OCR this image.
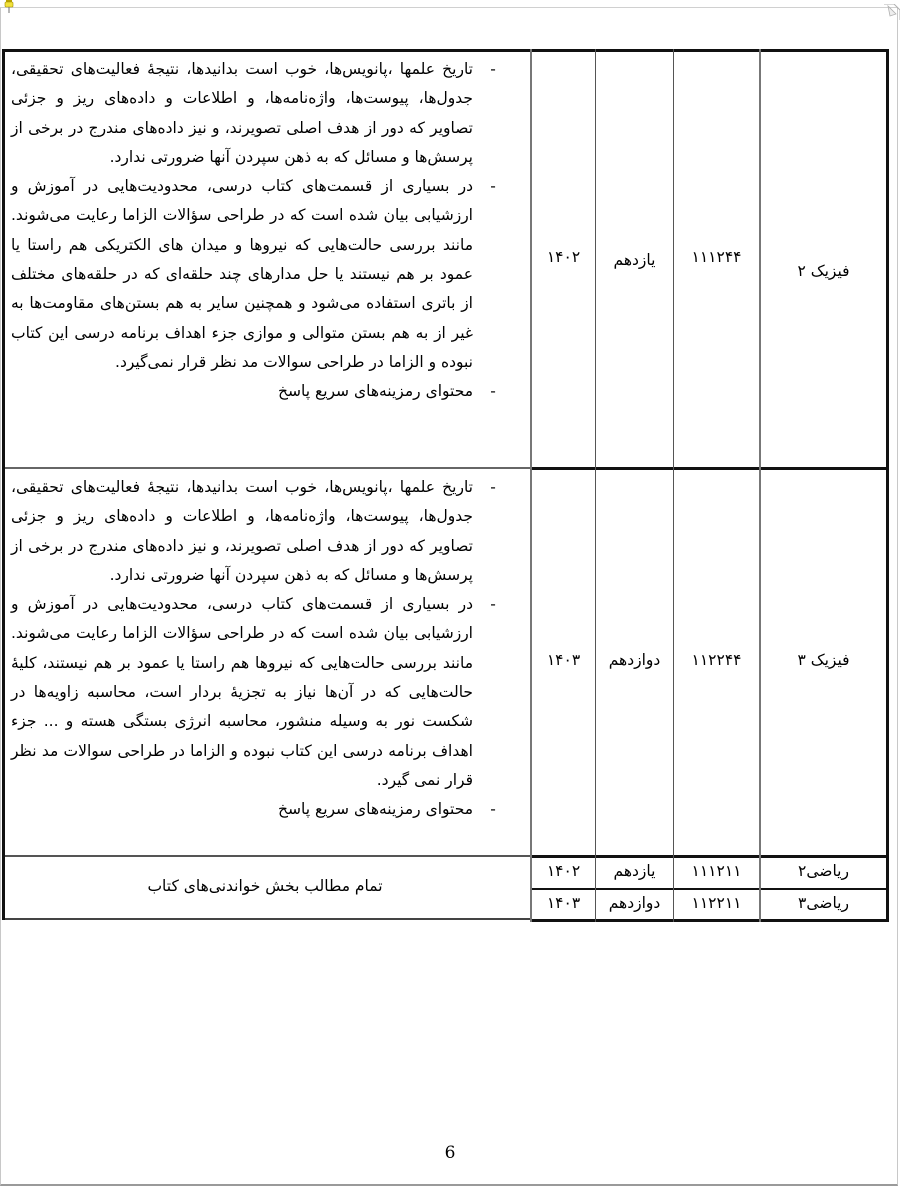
فیزیک ۲
۱۱۱۲۴۴
یازدهم
۱۴۰۲
-
تاریخ علمها ،پانویس‌ها، خوب است بدانیدها، نتیجهٔ فعالیت‌های تحقیقی، جدول‌ها، پیوست‌ها، واژه‌نامه‌ها، و اطلاعات و داده‌های ریز و جزئی تصاویر که دور از هدف اصلی تصویرند، و نیز داده‌های مندرج در برخی از پرسش‌ها و مسائل که به ذهن سپردن آنها ضرورتی ندارد.
-
در بسیاری از قسمت‌های کتاب درسی، محدودیت‌هایی در آموزش و ارزشیابی بیان شده است که در طراحی سؤالات الزاما رعایت می‌شوند. مانند بررسی حالت‌هایی که نیروها و میدان های الکتریکی هم راستا یا عمود بر هم نیستند یا حل مدارهای چند حلقه‌ای که در حلقه‌های مختلف از باتری استفاده می‌شود و همچنین سایر به هم بستن‌های مقاومت‌ها به غیر از به هم بستن متوالی و موازی جزء اهداف برنامه درسی این کتاب نبوده و الزاما در طراحی سوالات مد نظر قرار نمی‌گیرد.
-
محتوای رمزینه‌های سریع پاسخ
فیزیک ۳
۱۱۲۲۴۴
دوازدهم
۱۴۰۳
-
تاریخ علمها ،پانویس‌ها، خوب است بدانیدها، نتیجهٔ فعالیت‌های تحقیقی، جدول‌ها، پیوست‌ها، واژه‌نامه‌ها، و اطلاعات و داده‌های ریز و جزئی تصاویر که دور از هدف اصلی تصویرند، و نیز داده‌های مندرج در برخی از پرسش‌ها و مسائل که به ذهن سپردن آنها ضرورتی ندارد.
-
در بسیاری از قسمت‌های کتاب درسی، محدودیت‌هایی در آموزش و ارزشیابی بیان شده است که در طراحی سؤالات الزاما رعایت می‌شوند. مانند بررسی حالت‌هایی که نیروها هم راستا یا عمود بر هم نیستند، کلیهٔ حالت‌هایی که در آن‌ها نیاز به تجزیهٔ بردار است، محاسبه زاویه‌ها در شکست نور به وسیله منشور، محاسبه انرژی بستگی هسته و ... جزء اهداف برنامه درسی این کتاب نبوده و الزاما در طراحی سوالات مد نظر قرار نمی گیرد.
-
محتوای رمزینه‌های سریع پاسخ
ریاضی۲
۱۱۱۲۱۱
یازدهم
۱۴۰۲
ریاضی۳
۱۱۲۲۱۱
دوازدهم
۱۴۰۳
تمام مطالب بخش خواندنی‌های کتاب
6
